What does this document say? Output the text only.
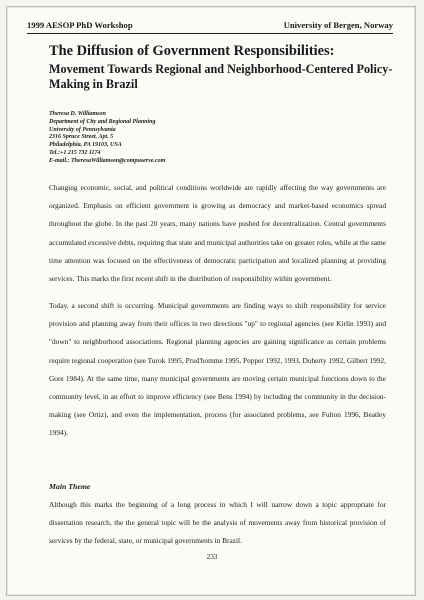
1999 AESOP PhD Workshop	University of Bergen, Norway
The Diffusion of Government Responsibilities:
Movement Towards Regional and Neighborhood-Centered Policy-Making in Brazil
Theresa D. Williamson
Department of City and Regional Planning
University of Pennsylvania
2316 Spruce Street, Apt. 5
Philadelphia, PA 19103, USA
Tel.:+1 215 732 1174
E-mail.: TheresaWilliamson@compuserve.com
Changing economic, social, and political conditions worldwide are rapidly affecting the way governments are organized. Emphasis on efficient government is growing as democracy and market-based economics spread throughout the globe. In the past 20 years, many nations have pushed for decentralization. Central governments accumulated excessive debts, requiring that state and municipal authorities take on greater roles, while at the same time attention was focused on the effectiveness of democratic participation and localized planning at providing services. This marks the first recent shift in the distribution of responsibility within government.
Today, a second shift is occurring. Municipal governments are finding ways to shift responsibility for service provision and planning away from their offices in two directions "up" to regional agencies (see Kirlin 1993) and "down" to neighborhood associations. Regional planning agencies are gaining significance as certain problems require regional cooperation (see Turok 1995, Prud'homme 1995, Popper 1992, 1993, Doherty 1992, Gilbert 1992, Gore 1984). At the same time, many municipal governments are moving certain municipal functions down to the community level, in an effort to improve efficiency (see Bens 1994) by including the community in the decision-making (see Ortiz), and even the implementation, process (for associated problems, see Fulton 1996, Beatley 1994).
Main Theme
Although this marks the beginning of a long process in which I will narrow down a topic appropriate for dissertation research, the the general topic will be the analysis of movements away from historical provision of services by the federal, state, or municipal governments in Brazil.
233
